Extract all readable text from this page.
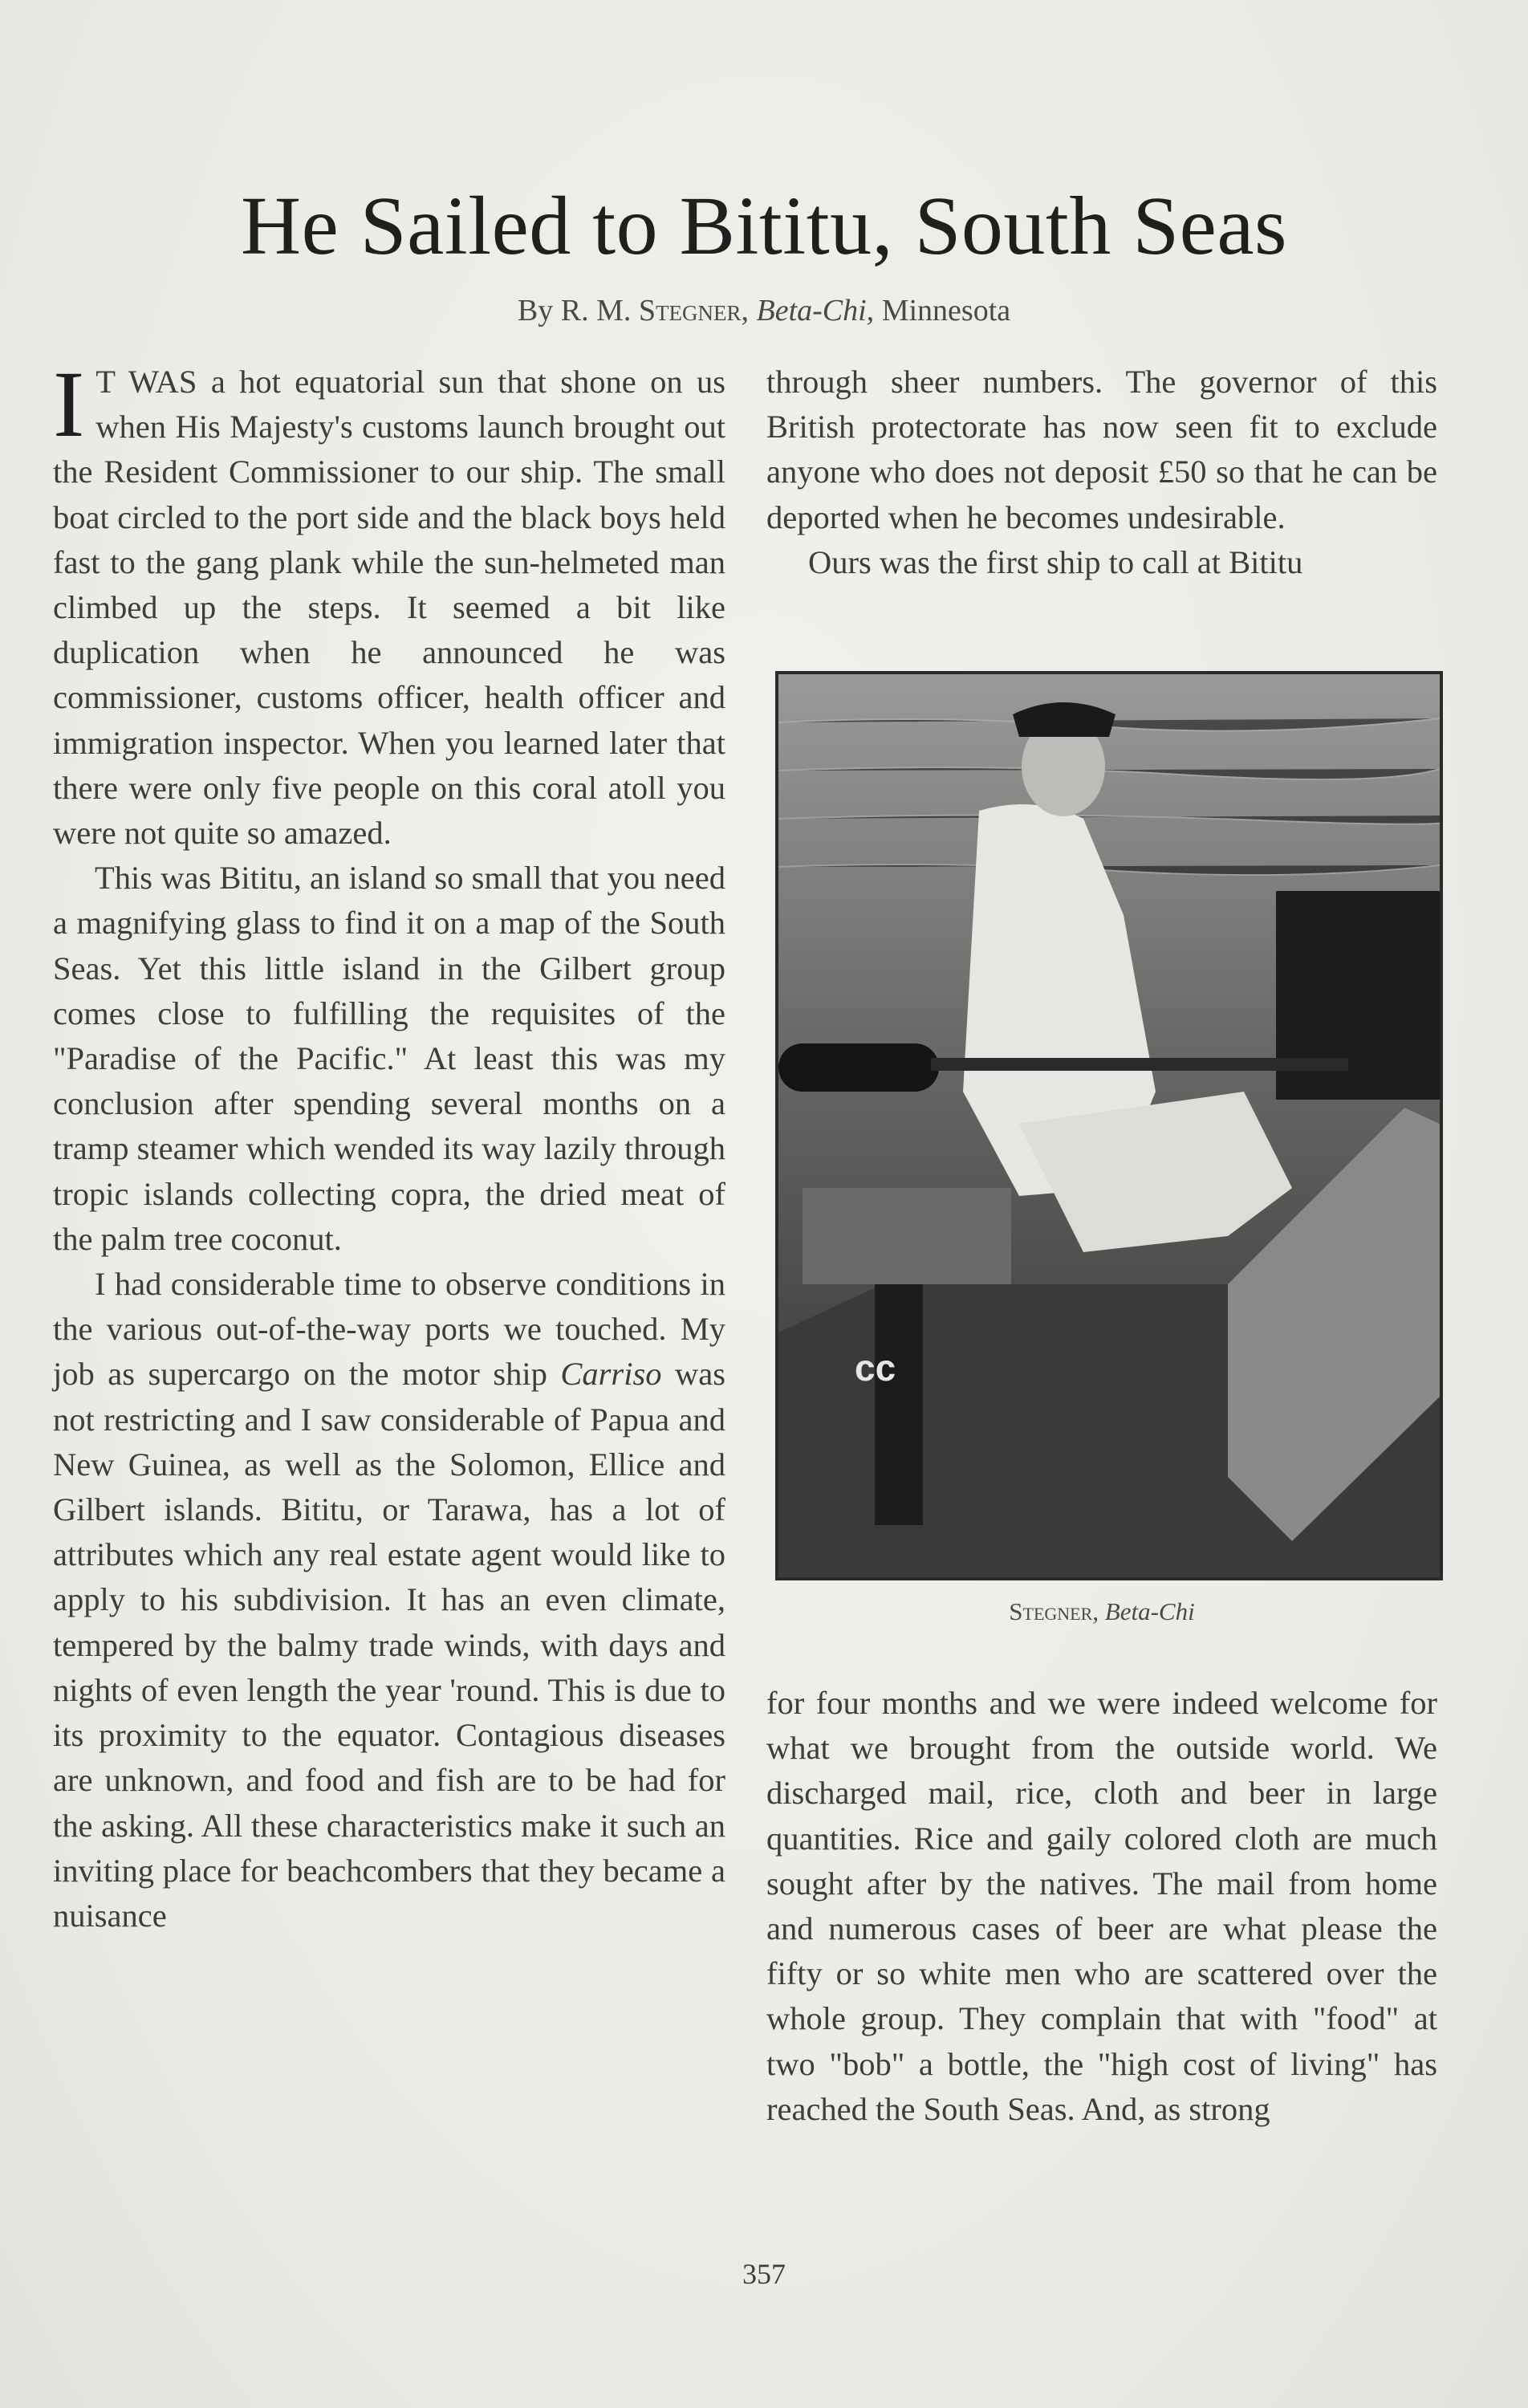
He Sailed to Bititu, South Seas
By R. M. Stegner, Beta-Chi, Minnesota

I T WAS a hot equatorial sun that shone on us when His Majesty's customs launch brought out the Resident Commissioner to our ship. The small boat circled to the port side and the black boys held fast to the gang plank while the sun-helmeted man climbed up the steps. It seemed a bit like duplication when he announced he was commissioner, customs officer, health officer and immigration inspector. When you learned later that there were only five people on this coral atoll you were not quite so amazed.

This was Bititu, an island so small that you need a magnifying glass to find it on a map of the South Seas. Yet this little island in the Gilbert group comes close to fulfilling the requisites of the "Paradise of the Pacific." At least this was my conclusion after spending several months on a tramp steamer which wended its way lazily through tropic islands collecting copra, the dried meat of the palm tree coconut.

I had considerable time to observe conditions in the various out-of-the-way ports we touched. My job as supercargo on the motor ship Carriso was not restricting and I saw considerable of Papua and New Guinea, as well as the Solomon, Ellice and Gilbert islands. Bititu, or Tarawa, has a lot of attributes which any real estate agent would like to apply to his subdivision. It has an even climate, tempered by the balmy trade winds, with days and nights of even length the year 'round. This is due to its proximity to the equator. Contagious diseases are unknown, and food and fish are to be had for the asking. All these characteristics make it such an inviting place for beachcombers that they became a nuisance

through sheer numbers. The governor of this British protectorate has now seen fit to exclude anyone who does not deposit £50 so that he can be deported when he becomes undesirable.

Ours was the first ship to call at Bititu

cc
Stegner, Beta-Chi

for four months and we were indeed welcome for what we brought from the outside world. We discharged mail, rice, cloth and beer in large quantities. Rice and gaily colored cloth are much sought after by the natives. The mail from home and numerous cases of beer are what please the fifty or so white men who are scattered over the whole group. They complain that with "food" at two "bob" a bottle, the "high cost of living" has reached the South Seas. And, as strong

357
